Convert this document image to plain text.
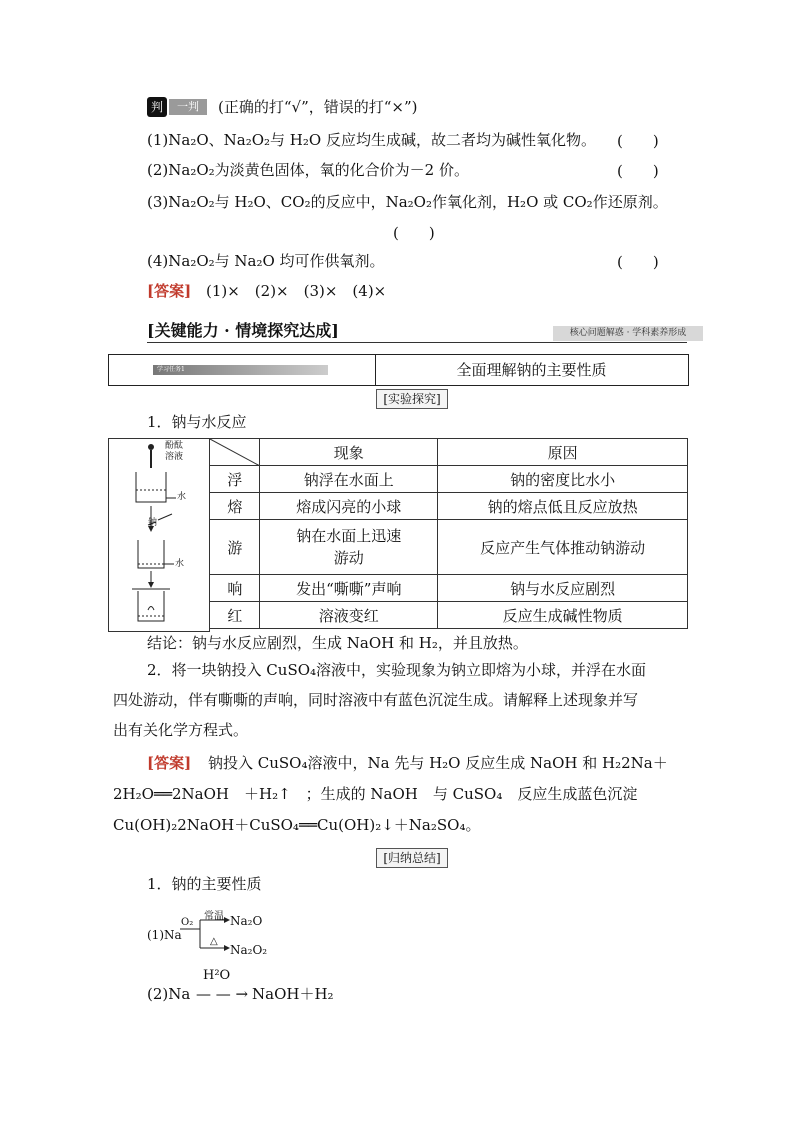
判	一判	(正确的打“√”，错误的打“×”)
(1)Na₂O、Na₂O₂与 H₂O 反应均生成碱，故二者均为碱性氧化物。 (　　)
(2)Na₂O₂为淡黄色固体，氧的化合价为－2 价。	(　　)
(3)Na₂O₂与 H₂O、CO₂的反应中，Na₂O₂作氧化剂，H₂O 或 CO₂作还原剂。
(　　)
(4)Na₂O₂与 Na₂O 均可作供氧剂。	(　　)
[答案] (1)×　(2)×　(3)×　(4)×
[关键能力 · 情境探究达成]	核心问题解惑 · 学科素养形成
学习任务1	全面理解钠的主要性质
[实验探究]
1．钠与水反应
酚酞
溶液
水
钠
水

	现象	原因
	浮	钠浮在水面上	钠的密度比水小
	熔	熔成闪亮的小球	钠的熔点低且反应放热
	游	钠在水面上迅速游动	反应产生气体推动钠游动
	响	发出“嘶嘶”声响	钠与水反应剧烈
	红	溶液变红	反应生成碱性物质
结论：钠与水反应剧烈，生成 NaOH 和 H₂，并且放热。
2．将一块钠投入 CuSO₄溶液中，实验现象为钠立即熔为小球，并浮在水面
四处游动，伴有嘶嘶的声响，同时溶液中有蓝色沉淀生成。请解释上述现象并写
出有关化学方程式。
[答案] 钠投入 CuSO₄溶液中，Na 先与 H₂O 反应生成 NaOH 和 H₂2Na＋
2H₂O══2NaOH　＋H₂↑　；生成的 NaOH　与 CuSO₄　反应生成蓝色沉淀
Cu(OH)₂2NaOH＋CuSO₄══Cu(OH)₂↓＋Na₂SO₄。
[归纳总结]
1．钠的主要性质
(1)Na
O₂
常温 Na₂O
△
Na₂O₂
(2)Na
H²O
— — → NaOH＋H₂
